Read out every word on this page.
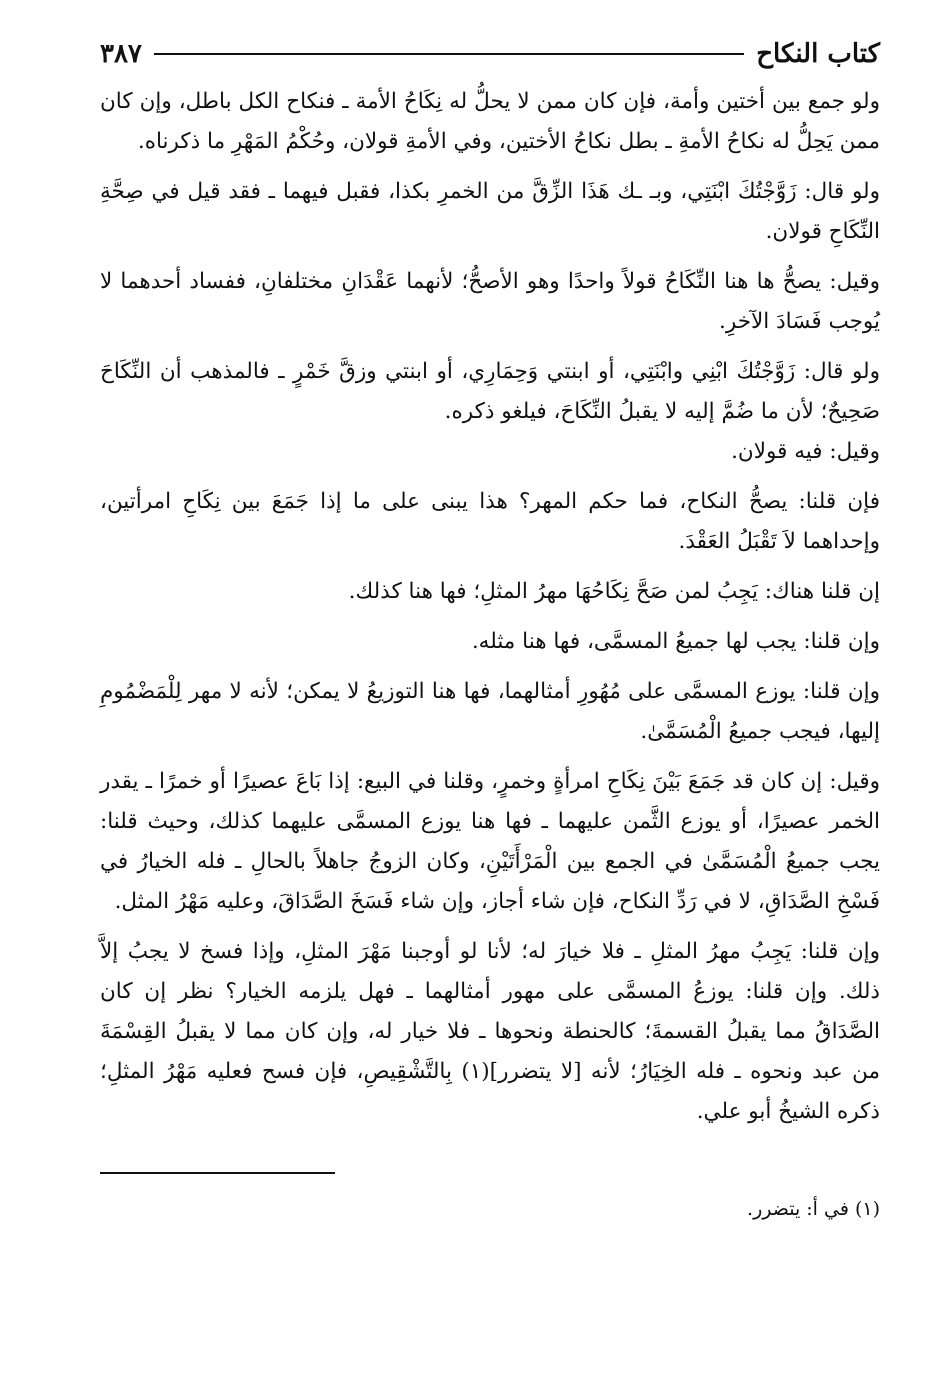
كتاب النكاح
٣٨٧

ولو جمع بين أختين وأمة، فإن كان ممن لا يحلُّ له نِكَاحُ الأمة ـ فنكاح الكل باطل، وإن كان ممن يَحِلُّ له نكاحُ الأمةِ ـ بطل نكاحُ الأختين، وفي الأمةِ قولان، وحُكْمُ المَهْرِ ما ذكرناه.

ولو قال: زَوَّجْتُكَ ابْنَتِي، وبـ ـك هَذَا الزِّقَّ من الخمرِ بكذا، فقبل فيهما ـ فقد قيل في صِحَّةِ النِّكَاحِ قولان.

وقيل: يصحُّ ها هنا النِّكَاحُ قولاً واحدًا وهو الأصحُّ؛ لأنهما عَقْدَانِ مختلفانِ، ففساد أحدهما لا يُوجب فَسَادَ الآخرِ.

ولو قال: زَوَّجْتُكَ ابْنِي وابْنَتِي، أو ابنتي وَحِمَارِي، أو ابنتي وزقَّ خَمْرٍ ـ فالمذهب أن النِّكَاحَ صَحِيحٌ؛ لأن ما ضُمَّ إليه لا يقبلُ النِّكَاحَ، فيلغو ذكره.

وقيل: فيه قولان.

فإن قلنا: يصحُّ النكاح، فما حكم المهر؟ هذا يبنى على ما إذا جَمَعَ بين نِكَاحِ امرأتين، وإحداهما لاَ تَقْبَلُ العَقْدَ.

إن قلنا هناك: يَجِبُ لمن صَحَّ نِكَاحُهَا مهرُ المثلِ؛ فها هنا كذلك.

وإن قلنا: يجب لها جميعُ المسمَّى، فها هنا مثله.

وإن قلنا: يوزع المسمَّى على مُهُورِ أمثالهما، فها هنا التوزيعُ لا يمكن؛ لأنه لا مهر لِلْمَضْمُومِ إليها، فيجب جميعُ الْمُسَمَّىٰ.

وقيل: إن كان قد جَمَعَ بَيْنَ نِكَاحِ امرأةٍ وخمرٍ، وقلنا في البيع: إذا بَاعَ عصيرًا أو خمرًا ـ يقدر الخمر عصيرًا، أو يوزع الثَّمن عليهما ـ فها هنا يوزع المسمَّى عليهما كذلك، وحيث قلنا: يجب جميعُ الْمُسَمَّىٰ في الجمع بين الْمَرْأَتَيْنِ، وكان الزوجُ جاهلاً بالحالِ ـ فله الخيارُ في فَسْخِ الصَّدَاقِ، لا في رَدِّ النكاح، فإن شاء أجاز، وإن شاء فَسَخَ الصَّدَاقَ، وعليه مَهْرُ المثل.

وإن قلنا: يَجِبُ مهرُ المثلِ ـ فلا خيارَ له؛ لأنا لو أوجبنا مَهْرَ المثلِ، وإذا فسخ لا يجبُ إلاَّ ذلك. وإن قلنا: يوزعُ المسمَّى على مهور أمثالهما ـ فهل يلزمه الخيار؟ نظر إن كان الصَّدَاقُ مما يقبلُ القسمةَ؛ كالحنطة ونحوها ـ فلا خيار له، وإن كان مما لا يقبلُ القِسْمَةَ من عبد ونحوه ـ فله الخِيَارُ؛ لأنه [لا يتضرر](١) بِالتَّشْقِيصِ، فإن فسح فعليه مَهْرُ المثلِ؛ ذكره الشيخُ أبو علي.

(١) في أ: يتضرر.
